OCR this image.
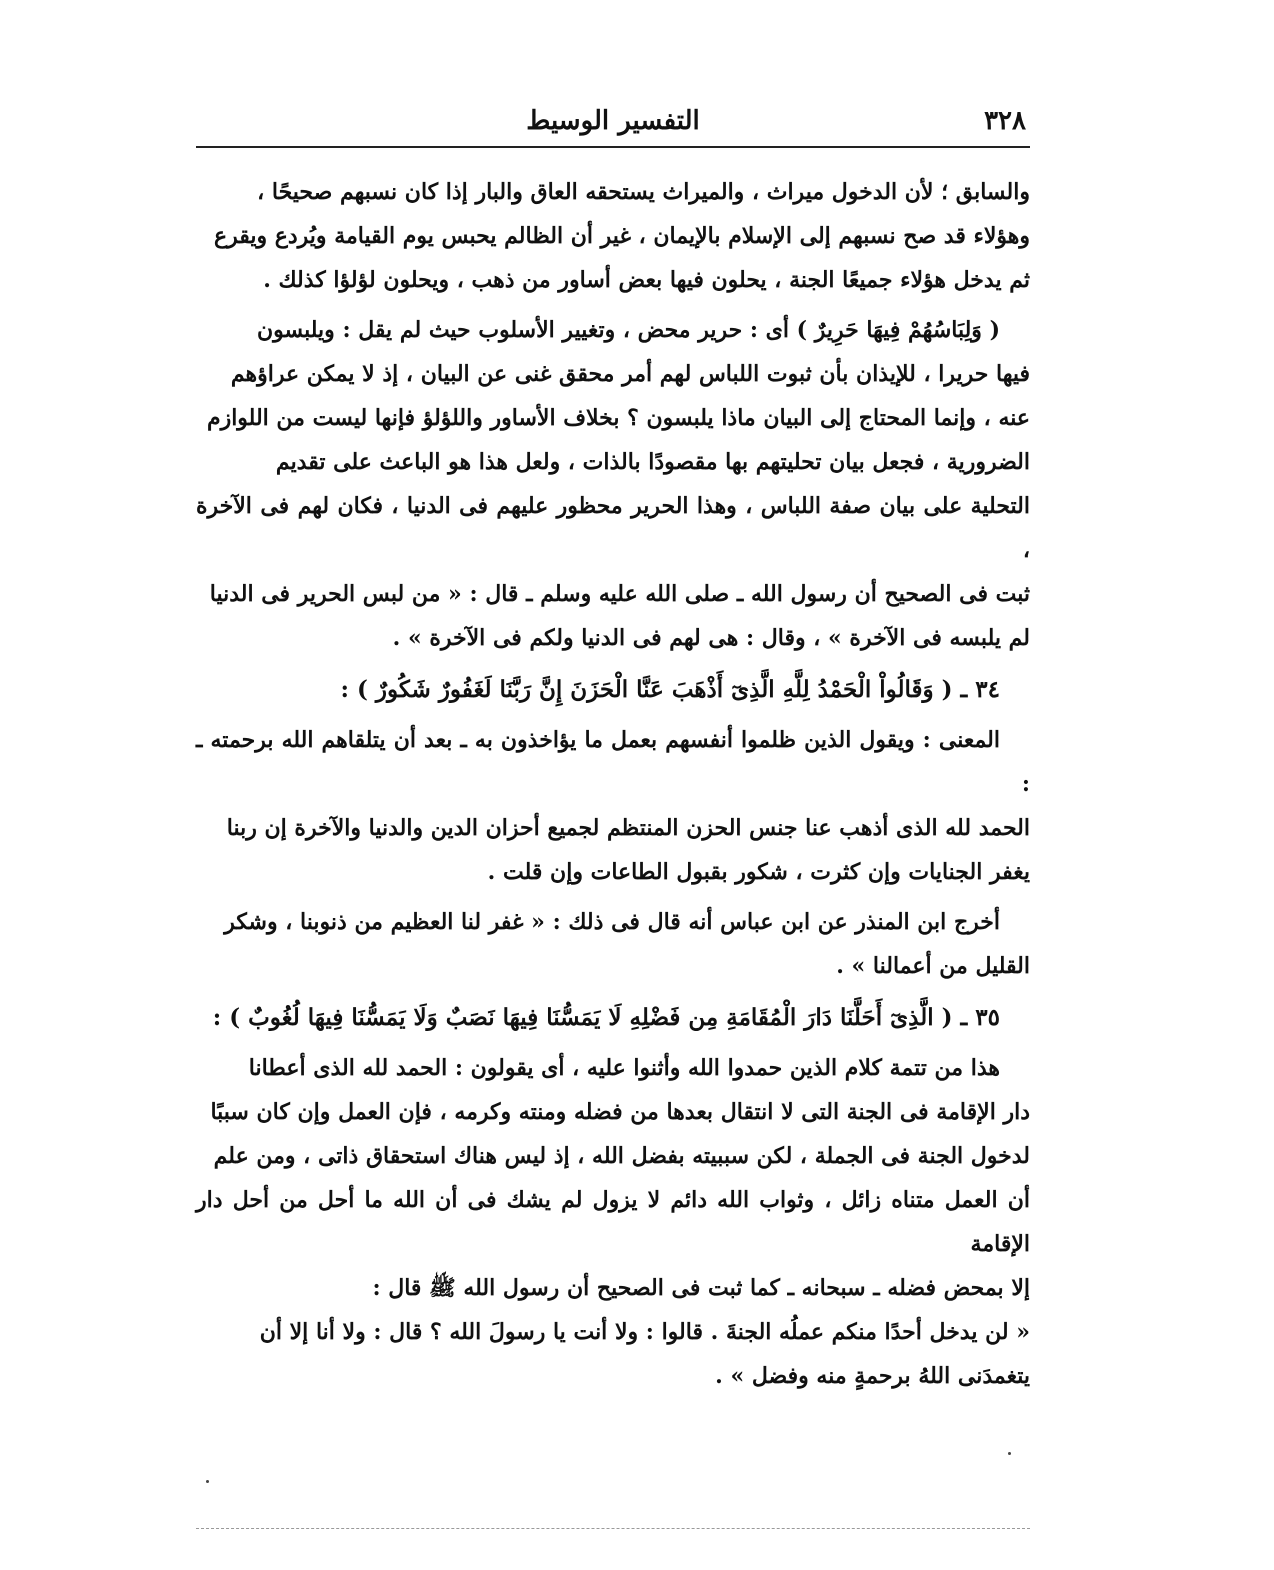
التفسير الوسيط	٣٢٨

والسابق ؛ لأن الدخول ميراث ، والميراث يستحقه العاق والبار إذا كان نسبهم صحيحًا ،
وهؤلاء قد صح نسبهم إلى الإسلام بالإيمان ، غير أن الظالم يحبس يوم القيامة ويُردع ويقرع
ثم يدخل هؤلاء جميعًا الجنة ، يحلون فيها بعض أساور من ذهب ، ويحلون لؤلؤا كذلك .

( وَلِبَاسُهُمْ فِيهَا حَرِيرٌ ) أى : حرير محض ، وتغيير الأسلوب حيث لم يقل : ويلبسون
فيها حريرا ، للإيذان بأن ثبوت اللباس لهم أمر محقق غنى عن البيان ، إذ لا يمكن عراؤهم
عنه ، وإنما المحتاج إلى البيان ماذا يلبسون ؟ بخلاف الأساور واللؤلؤ فإنها ليست من اللوازم
الضرورية ، فجعل بيان تحليتهم بها مقصودًا بالذات ، ولعل هذا هو الباعث على تقديم
التحلية على بيان صفة اللباس ، وهذا الحرير محظور عليهم فى الدنيا ، فكان لهم فى الآخرة ،
ثبت فى الصحيح أن رسول الله ـ صلى الله عليه وسلم ـ قال : « من لبس الحرير فى الدنيا
لم يلبسه فى الآخرة » ، وقال : هى لهم فى الدنيا ولكم فى الآخرة » .

٣٤ ـ ( وَقَالُواْ الْحَمْدُ لِلَّهِ الَّذِىٓ أَذْهَبَ عَنَّا الْحَزَنَ إِنَّ رَبَّنَا لَغَفُورٌ شَكُورٌ ) :

المعنى : ويقول الذين ظلموا أنفسهم بعمل ما يؤاخذون به ـ بعد أن يتلقاهم الله برحمته ـ :
الحمد لله الذى أذهب عنا جنس الحزن المنتظم لجميع أحزان الدين والدنيا والآخرة إن ربنا
يغفر الجنايات وإن كثرت ، شكور بقبول الطاعات وإن قلت .

أخرج ابن المنذر عن ابن عباس أنه قال فى ذلك : « غفر لنا العظيم من ذنوبنا ، وشكر
القليل من أعمالنا » .

٣٥ ـ ( الَّذِىٓ أَحَلَّنَا دَارَ الْمُقَامَةِ مِن فَضْلِهِ لَا يَمَسُّنَا فِيهَا نَصَبٌ وَلَا يَمَسُّنَا فِيهَا لُغُوبٌ ) :

هذا من تتمة كلام الذين حمدوا الله وأثنوا عليه ، أى يقولون : الحمد لله الذى أعطانا
دار الإقامة فى الجنة التى لا انتقال بعدها من فضله ومنته وكرمه ، فإن العمل وإن كان سببًا
لدخول الجنة فى الجملة ، لكن سببيته بفضل الله ، إذ ليس هناك استحقاق ذاتى ، ومن علم
أن العمل متناه زائل ، وثواب الله دائم لا يزول لم يشك فى أن الله ما أحل من أحل دار الإقامة
إلا بمحض فضله ـ سبحانه ـ كما ثبت فى الصحيح أن رسول الله ﷺ قال :
« لن يدخل أحدًا منكم عملُه الجنةَ . قالوا : ولا أنت يا رسولَ الله ؟ قال : ولا أنا إلا أن
يتغمدَنى اللهُ برحمةٍ منه وفضل » .
